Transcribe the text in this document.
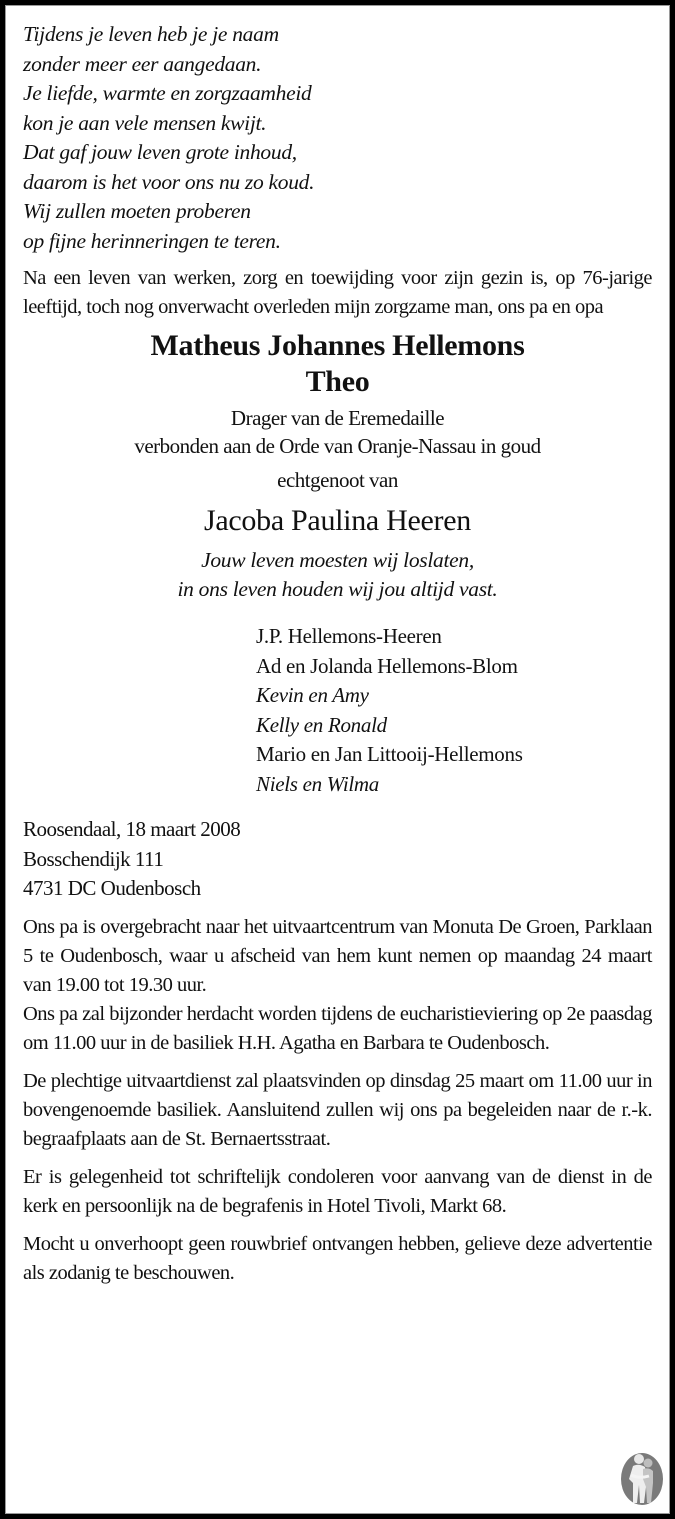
Tijdens je leven heb je je naam
zonder meer eer aangedaan.
Je liefde, warmte en zorgzaamheid
kon je aan vele mensen kwijt.
Dat gaf jouw leven grote inhoud,
daarom is het voor ons nu zo koud.
Wij zullen moeten proberen
op fijne herinneringen te teren.

Na een leven van werken, zorg en toewijding voor zijn gezin is, op 76-jarige leeftijd, toch nog onverwacht overleden mijn zorgzame man, ons pa en opa

Matheus Johannes Hellemons
Theo
Drager van de Eremedaille
verbonden aan de Orde van Oranje-Nassau in goud
echtgenoot van
Jacoba Paulina Heeren
Jouw leven moesten wij loslaten,
in ons leven houden wij jou altijd vast.
J.P. Hellemons-Heeren
Ad en Jolanda Hellemons-Blom
Kevin en Amy
Kelly en Ronald
Mario en Jan Littooij-Hellemons
Niels en Wilma
Roosendaal, 18 maart 2008
Bosschendijk 111
4731 DC Oudenbosch

Ons pa is overgebracht naar het uitvaartcentrum van Monuta De Groen, Parklaan 5 te Oudenbosch, waar u afscheid van hem kunt nemen op maandag 24 maart van 19.00 tot 19.30 uur.

Ons pa zal bijzonder herdacht worden tijdens de eucharistieviering op 2e paasdag om 11.00 uur in de basiliek H.H. Agatha en Barbara te Oudenbosch.

De plechtige uitvaartdienst zal plaatsvinden op dinsdag 25 maart om 11.00 uur in bovengenoemde basiliek. Aansluitend zullen wij ons pa begeleiden naar de r.-k. begraafplaats aan de St. Bernaertsstraat.

Er is gelegenheid tot schriftelijk condoleren voor aanvang van de dienst in de kerk en persoonlijk na de begrafenis in Hotel Tivoli, Markt 68.

Mocht u onverhoopt geen rouwbrief ontvangen hebben, gelieve deze advertentie als zodanig te beschouwen.
